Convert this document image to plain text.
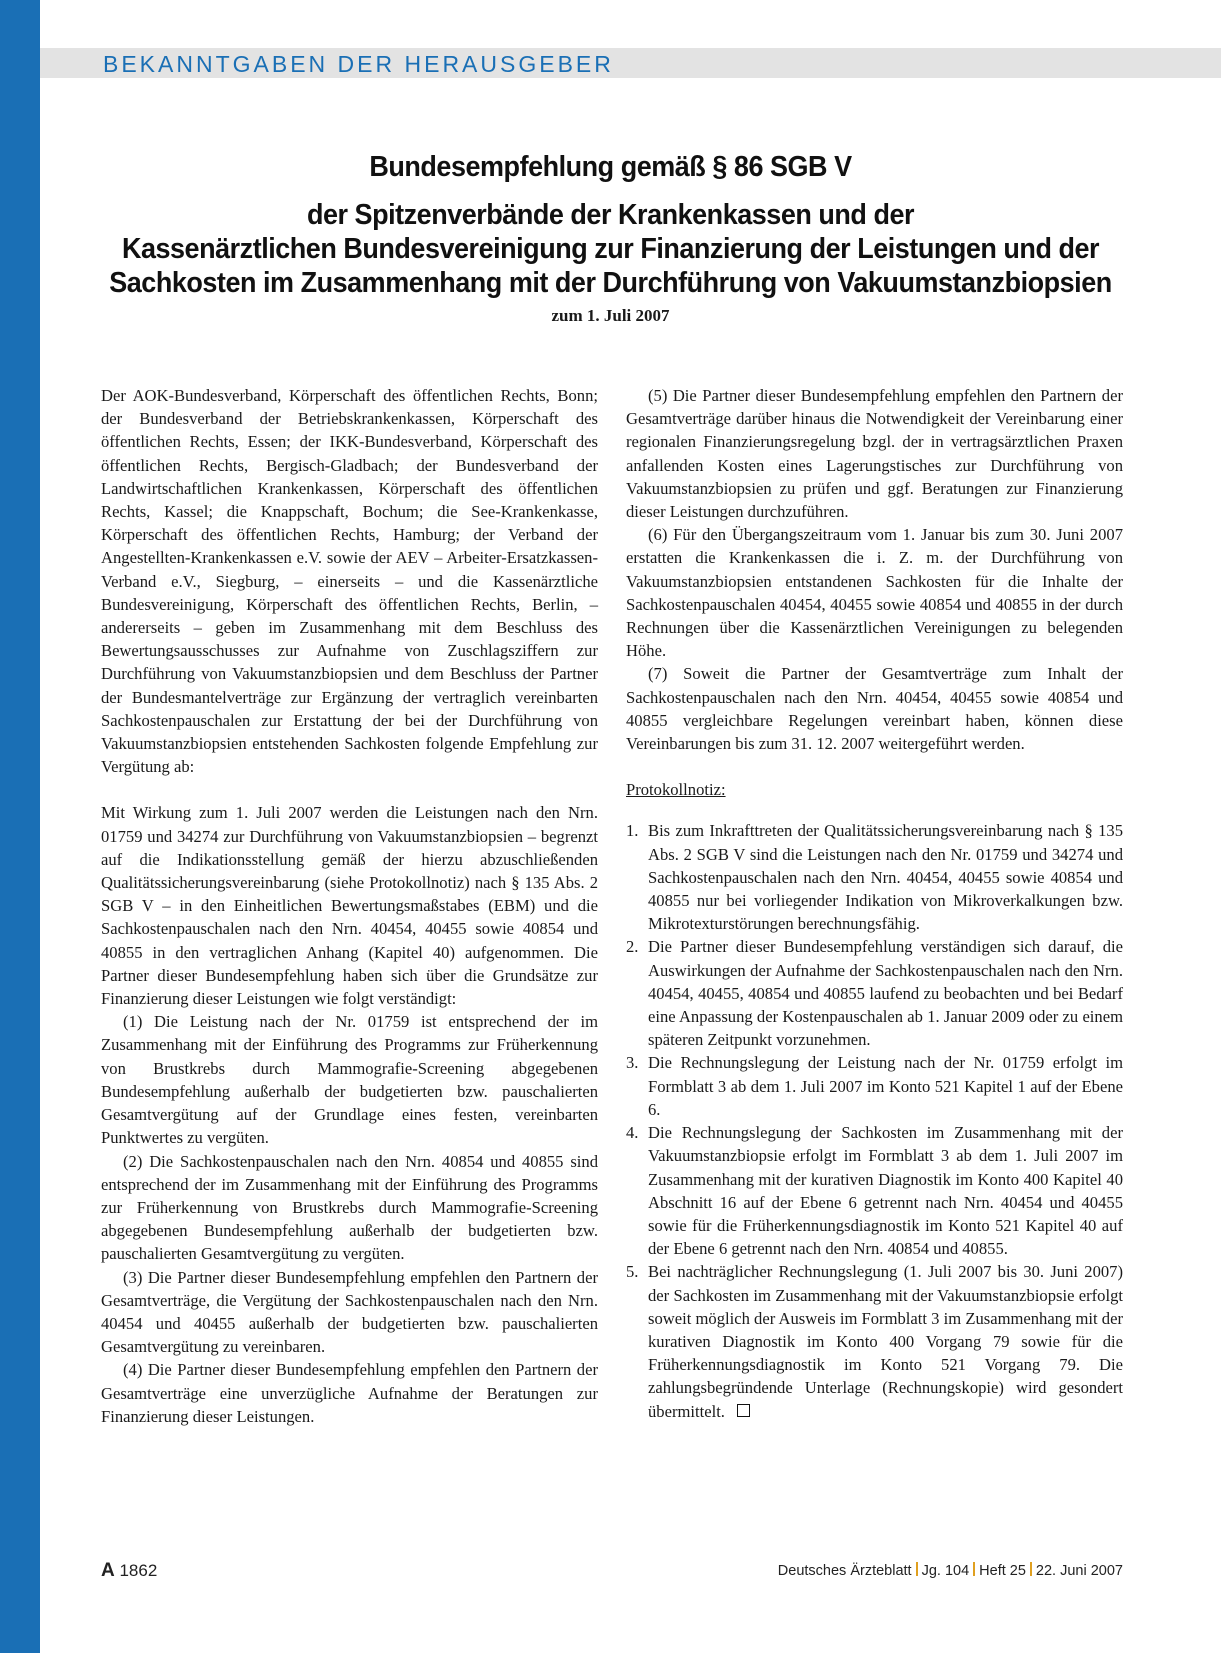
BEKANNTGABEN DER HERAUSGEBER
Bundesempfehlung gemäß § 86 SGB V
der Spitzenverbände der Krankenkassen und der
Kassenärztlichen Bundesvereinigung zur Finanzierung der Leistungen und der
Sachkosten im Zusammenhang mit der Durchführung von Vakuumstanzbiopsien
zum 1. Juli 2007

Der AOK-Bundesverband, Körperschaft des öffentlichen Rechts, Bonn; der Bundesverband der Betriebskrankenkassen, Körperschaft des öffentlichen Rechts, Essen; der IKK-Bundesverband, Körperschaft des öffentlichen Rechts, Bergisch-Gladbach; der Bundesverband der Landwirtschaftlichen Krankenkassen, Körperschaft des öffentlichen Rechts, Kassel; die Knappschaft, Bochum; die See-Krankenkasse, Körperschaft des öffentlichen Rechts, Hamburg; der Verband der Angestellten-Krankenkassen e.V. sowie der AEV – Arbeiter-Ersatzkassen-Verband e.V., Siegburg, – einerseits – und die Kassenärztliche Bundesvereinigung, Körperschaft des öffentlichen Rechts, Berlin, – andererseits – geben im Zusammenhang mit dem Beschluss des Bewertungsausschusses zur Aufnahme von Zuschlagsziffern zur Durchführung von Vakuumstanzbiopsien und dem Beschluss der Partner der Bundesmantelverträge zur Ergänzung der vertraglich vereinbarten Sachkostenpauschalen zur Erstattung der bei der Durchführung von Vakuumstanzbiopsien entstehenden Sachkosten folgende Empfehlung zur Vergütung ab:

Mit Wirkung zum 1. Juli 2007 werden die Leistungen nach den Nrn. 01759 und 34274 zur Durchführung von Vakuumstanzbiopsien – begrenzt auf die Indikationsstellung gemäß der hierzu abzuschließenden Qualitätssicherungsvereinbarung (siehe Protokollnotiz) nach § 135 Abs. 2 SGB V – in den Einheitlichen Bewertungsmaßstabes (EBM) und die Sachkostenpauschalen nach den Nrn. 40454, 40455 sowie 40854 und 40855 in den vertraglichen Anhang (Kapitel 40) aufgenommen. Die Partner dieser Bundesempfehlung haben sich über die Grundsätze zur Finanzierung dieser Leistungen wie folgt verständigt:

(1) Die Leistung nach der Nr. 01759 ist entsprechend der im Zusammenhang mit der Einführung des Programms zur Früherkennung von Brustkrebs durch Mammografie-Screening abgegebenen Bundesempfehlung außerhalb der budgetierten bzw. pauschalierten Gesamtvergütung auf der Grundlage eines festen, vereinbarten Punktwertes zu vergüten.

(2) Die Sachkostenpauschalen nach den Nrn. 40854 und 40855 sind entsprechend der im Zusammenhang mit der Einführung des Programms zur Früherkennung von Brustkrebs durch Mammografie-Screening abgegebenen Bundesempfehlung außerhalb der budgetierten bzw. pauschalierten Gesamtvergütung zu vergüten.

(3) Die Partner dieser Bundesempfehlung empfehlen den Partnern der Gesamtverträge, die Vergütung der Sachkostenpauschalen nach den Nrn. 40454 und 40455 außerhalb der budgetierten bzw. pauschalierten Gesamtvergütung zu vereinbaren.

(4) Die Partner dieser Bundesempfehlung empfehlen den Partnern der Gesamtverträge eine unverzügliche Aufnahme der Beratungen zur Finanzierung dieser Leistungen.

(5) Die Partner dieser Bundesempfehlung empfehlen den Partnern der Gesamtverträge darüber hinaus die Notwendigkeit der Vereinbarung einer regionalen Finanzierungsregelung bzgl. der in vertragsärztlichen Praxen anfallenden Kosten eines Lagerungstisches zur Durchführung von Vakuumstanzbiopsien zu prüfen und ggf. Beratungen zur Finanzierung dieser Leistungen durchzuführen.

(6) Für den Übergangszeitraum vom 1. Januar bis zum 30. Juni 2007 erstatten die Krankenkassen die i. Z. m. der Durchführung von Vakuumstanzbiopsien entstandenen Sachkosten für die Inhalte der Sachkostenpauschalen 40454, 40455 sowie 40854 und 40855 in der durch Rechnungen über die Kassenärztlichen Vereinigungen zu belegenden Höhe.

(7) Soweit die Partner der Gesamtverträge zum Inhalt der Sachkostenpauschalen nach den Nrn. 40454, 40455 sowie 40854 und 40855 vergleichbare Regelungen vereinbart haben, können diese Vereinbarungen bis zum 31. 12. 2007 weitergeführt werden.

Protokollnotiz:

1. Bis zum Inkrafttreten der Qualitätssicherungsvereinbarung nach § 135 Abs. 2 SGB V sind die Leistungen nach den Nr. 01759 und 34274 und Sachkostenpauschalen nach den Nrn. 40454, 40455 sowie 40854 und 40855 nur bei vorliegender Indikation von Mikroverkalkungen bzw. Mikrotexturstörungen berechnungsfähig.
2. Die Partner dieser Bundesempfehlung verständigen sich darauf, die Auswirkungen der Aufnahme der Sachkostenpauschalen nach den Nrn. 40454, 40455, 40854 und 40855 laufend zu beobachten und bei Bedarf eine Anpassung der Kostenpauschalen ab 1. Januar 2009 oder zu einem späteren Zeitpunkt vorzunehmen.
3. Die Rechnungslegung der Leistung nach der Nr. 01759 erfolgt im Formblatt 3 ab dem 1. Juli 2007 im Konto 521 Kapitel 1 auf der Ebene 6.
4. Die Rechnungslegung der Sachkosten im Zusammenhang mit der Vakuumstanzbiopsie erfolgt im Formblatt 3 ab dem 1. Juli 2007 im Zusammenhang mit der kurativen Diagnostik im Konto 400 Kapitel 40 Abschnitt 16 auf der Ebene 6 getrennt nach Nrn. 40454 und 40455 sowie für die Früherkennungsdiagnostik im Konto 521 Kapitel 40 auf der Ebene 6 getrennt nach den Nrn. 40854 und 40855.
5. Bei nachträglicher Rechnungslegung (1. Juli 2007 bis 30. Juni 2007) der Sachkosten im Zusammenhang mit der Vakuumstanzbiopsie erfolgt soweit möglich der Ausweis im Formblatt 3 im Zusammenhang mit der kurativen Diagnostik im Konto 400 Vorgang 79 sowie für die Früherkennungsdiagnostik im Konto 521 Vorgang 79. Die zahlungsbegründende Unterlage (Rechnungskopie) wird gesondert übermittelt.
A 1862	Deutsches Ärzteblatt Jg. 104 Heft 25 22. Juni 2007
